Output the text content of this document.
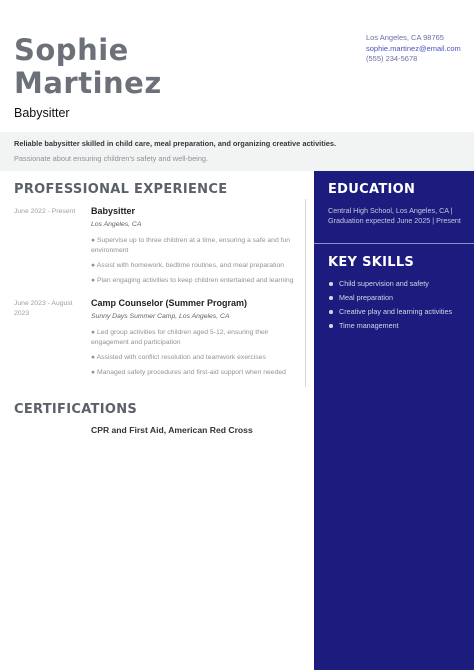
Sophie
Martinez
Babysitter
Los Angeles, CA 98765
sophie.martinez@email.com
(555) 234-5678
Reliable babysitter skilled in child care, meal preparation, and organizing creative activities.
Passionate about ensuring children's safety and well-being.
PROFESSIONAL EXPERIENCE
June 2022 - Present	Babysitter
Los Angeles, CA
● Supervise up to three children at a time, ensuring a safe and fun environment
● Assist with homework, bedtime routines, and meal preparation
● Plan engaging activities to keep children entertained and learning
June 2023 - August 2023
Camp Counselor (Summer Program)
Sunny Days Summer Camp, Los Angeles, CA
● Led group activities for children aged 5-12, ensuring their engagement and participation
● Assisted with conflict resolution and teamwork exercises
● Managed safety procedures and first-aid support when needed
CERTIFICATIONS
CPR and First Aid, American Red Cross
EDUCATION
Central High School, Los Angeles, CA | Graduation expected June 2025 | Present
KEY SKILLS
Child supervision and safety
Meal preparation
Creative play and learning activities
Time management
